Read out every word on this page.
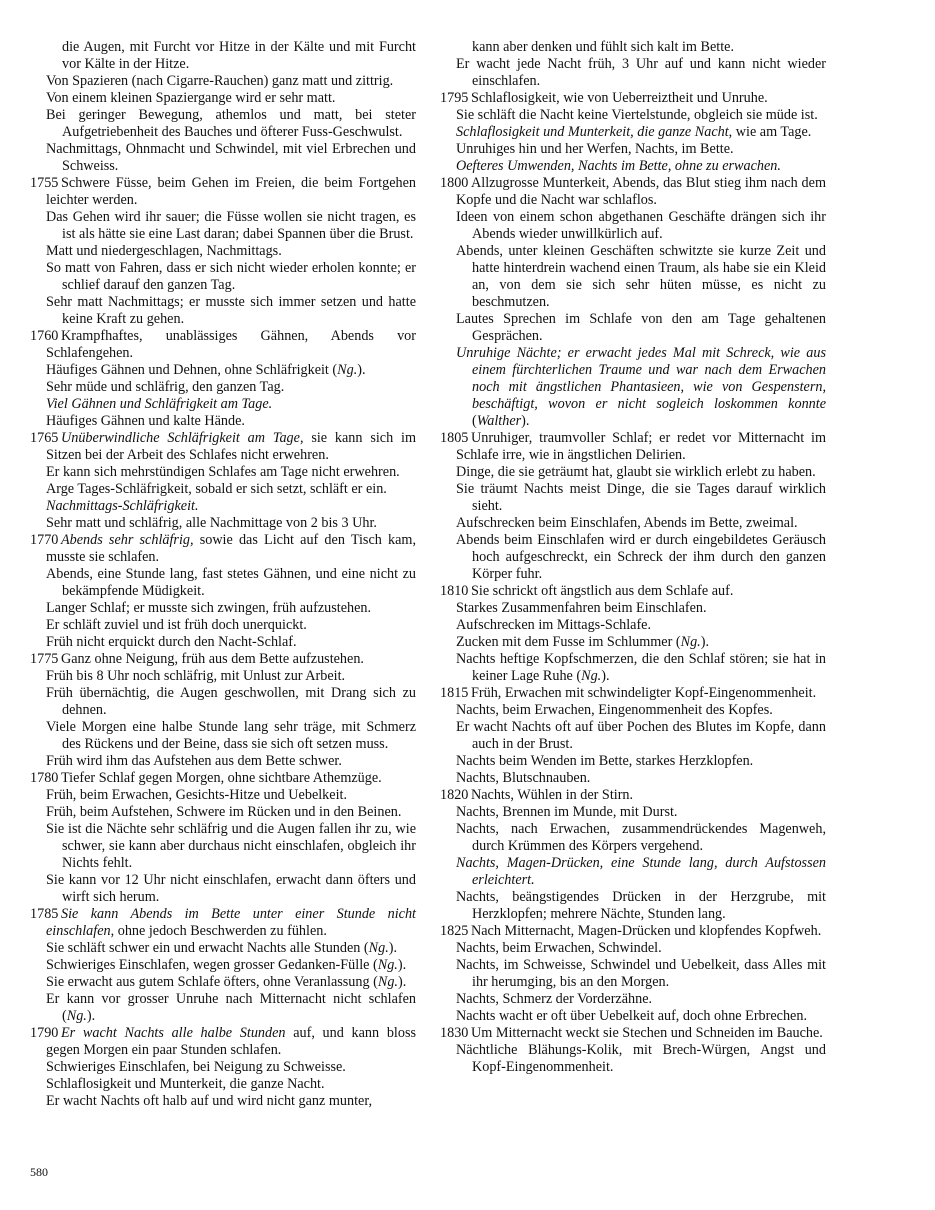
die Augen, mit Furcht vor Hitze in der Kälte und mit Furcht vor Kälte in der Hitze.

Von Spazieren (nach Cigarre-Rauchen) ganz matt und zittrig.

Von einem kleinen Spaziergange wird er sehr matt.

Bei geringer Bewegung, athemlos und matt, bei steter Aufgetriebenheit des Bauches und öfterer Fuss-Geschwulst.

Nachmittags, Ohnmacht und Schwindel, mit viel Erbrechen und Schweiss.

1755 Schwere Füsse, beim Gehen im Freien, die beim Fortgehen leichter werden.

Das Gehen wird ihr sauer; die Füsse wollen sie nicht tragen, es ist als hätte sie eine Last daran; dabei Spannen über die Brust.

Matt und niedergeschlagen, Nachmittags.

So matt von Fahren, dass er sich nicht wieder erholen konnte; er schlief darauf den ganzen Tag.

Sehr matt Nachmittags; er musste sich immer setzen und hatte keine Kraft zu gehen.

1760 Krampfhaftes, unablässiges Gähnen, Abends vor Schlafengehen.

Häufiges Gähnen und Dehnen, ohne Schläfrigkeit (Ng.).

Sehr müde und schläfrig, den ganzen Tag.

Viel Gähnen und Schläfrigkeit am Tage.

Häufiges Gähnen und kalte Hände.

1765 Unüberwindliche Schläfrigkeit am Tage, sie kann sich im Sitzen bei der Arbeit des Schlafes nicht erwehren.

Er kann sich mehrstündigen Schlafes am Tage nicht erwehren.

Arge Tages-Schläfrigkeit, sobald er sich setzt, schläft er ein.

Nachmittags-Schläfrigkeit.

Sehr matt und schläfrig, alle Nachmittage von 2 bis 3 Uhr.

1770 Abends sehr schläfrig, sowie das Licht auf den Tisch kam, musste sie schlafen.

Abends, eine Stunde lang, fast stetes Gähnen, und eine nicht zu bekämpfende Müdigkeit.

Langer Schlaf; er musste sich zwingen, früh aufzustehen.

Er schläft zuviel und ist früh doch unerquickt.

Früh nicht erquickt durch den Nacht-Schlaf.

1775 Ganz ohne Neigung, früh aus dem Bette aufzustehen.

Früh bis 8 Uhr noch schläfrig, mit Unlust zur Arbeit.

Früh übernächtig, die Augen geschwollen, mit Drang sich zu dehnen.

Viele Morgen eine halbe Stunde lang sehr träge, mit Schmerz des Rückens und der Beine, dass sie sich oft setzen muss.

Früh wird ihm das Aufstehen aus dem Bette schwer.

1780 Tiefer Schlaf gegen Morgen, ohne sichtbare Athemzüge.

Früh, beim Erwachen, Gesichts-Hitze und Uebelkeit.

Früh, beim Aufstehen, Schwere im Rücken und in den Beinen.

Sie ist die Nächte sehr schläfrig und die Augen fallen ihr zu, wie schwer, sie kann aber durchaus nicht einschlafen, obgleich ihr Nichts fehlt.

Sie kann vor 12 Uhr nicht einschlafen, erwacht dann öfters und wirft sich herum.

1785 Sie kann Abends im Bette unter einer Stunde nicht einschlafen, ohne jedoch Beschwerden zu fühlen.

Sie schläft schwer ein und erwacht Nachts alle Stunden (Ng.).

Schwieriges Einschlafen, wegen grosser Gedanken-Fülle (Ng.).

Sie erwacht aus gutem Schlafe öfters, ohne Veranlassung (Ng.).

Er kann vor grosser Unruhe nach Mitternacht nicht schlafen (Ng.).

1790 Er wacht Nachts alle halbe Stunden auf, und kann bloss gegen Morgen ein paar Stunden schlafen.

Schwieriges Einschlafen, bei Neigung zu Schweisse.

Schlaflosigkeit und Munterkeit, die ganze Nacht.

Er wacht Nachts oft halb auf und wird nicht ganz munter,

kann aber denken und fühlt sich kalt im Bette.

Er wacht jede Nacht früh, 3 Uhr auf und kann nicht wieder einschlafen.

1795 Schlaflosigkeit, wie von Ueberreiztheit und Unruhe.

Sie schläft die Nacht keine Viertelstunde, obgleich sie müde ist.

Schlaflosigkeit und Munterkeit, die ganze Nacht, wie am Tage.

Unruhiges hin und her Werfen, Nachts, im Bette.

Oefteres Umwenden, Nachts im Bette, ohne zu erwachen.

1800 Allzugrosse Munterkeit, Abends, das Blut stieg ihm nach dem Kopfe und die Nacht war schlaflos.

Ideen von einem schon abgethanen Geschäfte drängen sich ihr Abends wieder unwillkürlich auf.

Abends, unter kleinen Geschäften schwitzte sie kurze Zeit und hatte hinterdrein wachend einen Traum, als habe sie ein Kleid an, von dem sie sich sehr hüten müsse, es nicht zu beschmutzen.

Lautes Sprechen im Schlafe von den am Tage gehaltenen Gesprächen.

Unruhige Nächte; er erwacht jedes Mal mit Schreck, wie aus einem fürchterlichen Traume und war nach dem Erwachen noch mit ängstlichen Phantasieen, wie von Gespenstern, beschäftigt, wovon er nicht sogleich loskommen konnte (Walther).

1805 Unruhiger, traumvoller Schlaf; er redet vor Mitternacht im Schlafe irre, wie in ängstlichen Delirien.

Dinge, die sie geträumt hat, glaubt sie wirklich erlebt zu haben.

Sie träumt Nachts meist Dinge, die sie Tages darauf wirklich sieht.

Aufschrecken beim Einschlafen, Abends im Bette, zweimal.

Abends beim Einschlafen wird er durch eingebildetes Geräusch hoch aufgeschreckt, ein Schreck der ihm durch den ganzen Körper fuhr.

1810 Sie schrickt oft ängstlich aus dem Schlafe auf.

Starkes Zusammenfahren beim Einschlafen.

Aufschrecken im Mittags-Schlafe.

Zucken mit dem Fusse im Schlummer (Ng.).

Nachts heftige Kopfschmerzen, die den Schlaf stören; sie hat in keiner Lage Ruhe (Ng.).

1815 Früh, Erwachen mit schwindeligter Kopf-Eingenommenheit.

Nachts, beim Erwachen, Eingenommenheit des Kopfes.

Er wacht Nachts oft auf über Pochen des Blutes im Kopfe, dann auch in der Brust.

Nachts beim Wenden im Bette, starkes Herzklopfen.

Nachts, Blutschnauben.

1820 Nachts, Wühlen in der Stirn.

Nachts, Brennen im Munde, mit Durst.

Nachts, nach Erwachen, zusammendrückendes Magenweh, durch Krümmen des Körpers vergehend.

Nachts, Magen-Drücken, eine Stunde lang, durch Aufstossen erleichtert.

Nachts, beängstigendes Drücken in der Herzgrube, mit Herzklopfen; mehrere Nächte, Stunden lang.

1825 Nach Mitternacht, Magen-Drücken und klopfendes Kopfweh.

Nachts, beim Erwachen, Schwindel.

Nachts, im Schweisse, Schwindel und Uebelkeit, dass Alles mit ihr herumging, bis an den Morgen.

Nachts, Schmerz der Vorderzähne.

Nachts wacht er oft über Uebelkeit auf, doch ohne Erbrechen.

1830 Um Mitternacht weckt sie Stechen und Schneiden im Bauche.

Nächtliche Blähungs-Kolik, mit Brech-Würgen, Angst und Kopf-Eingenommenheit.

580
